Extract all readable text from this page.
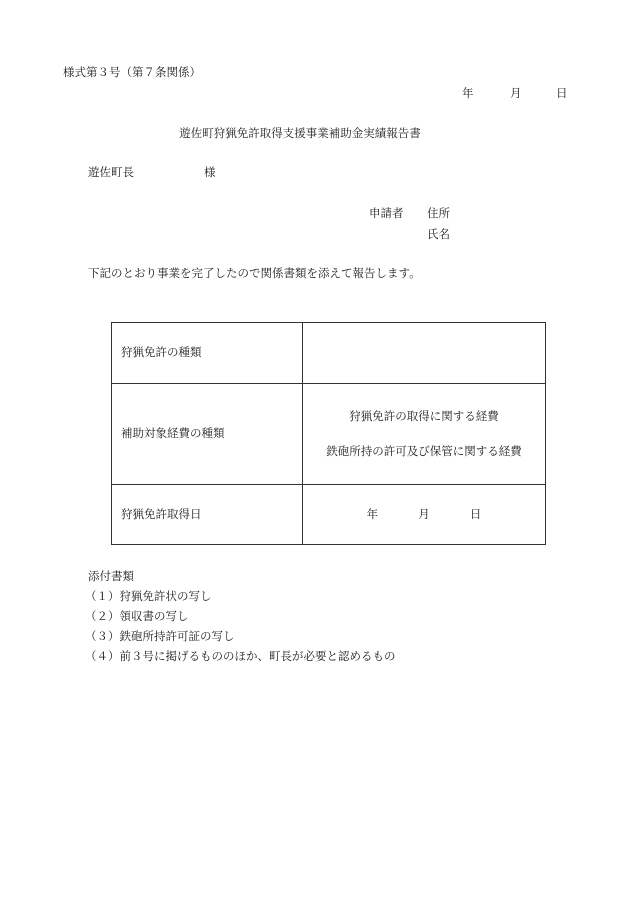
様式第３号（第７条関係）
年	月	日
遊佐町狩猟免許取得支援事業補助金実績報告書
遊佐町長	様
申請者 住所
氏名
下記のとおり事業を完了したので関係書類を添えて報告します。
狩猟免許の種類	
補助対象経費の種類	狩猟免許の取得に関する経費
鉄砲所持の許可及び保管に関する経費

狩猟免許取得日	年 月 日
添付書類
（１）狩猟免許状の写し
（２）領収書の写し
（３）鉄砲所持許可証の写し
（４）前３号に掲げるもののほか、町長が必要と認めるもの
